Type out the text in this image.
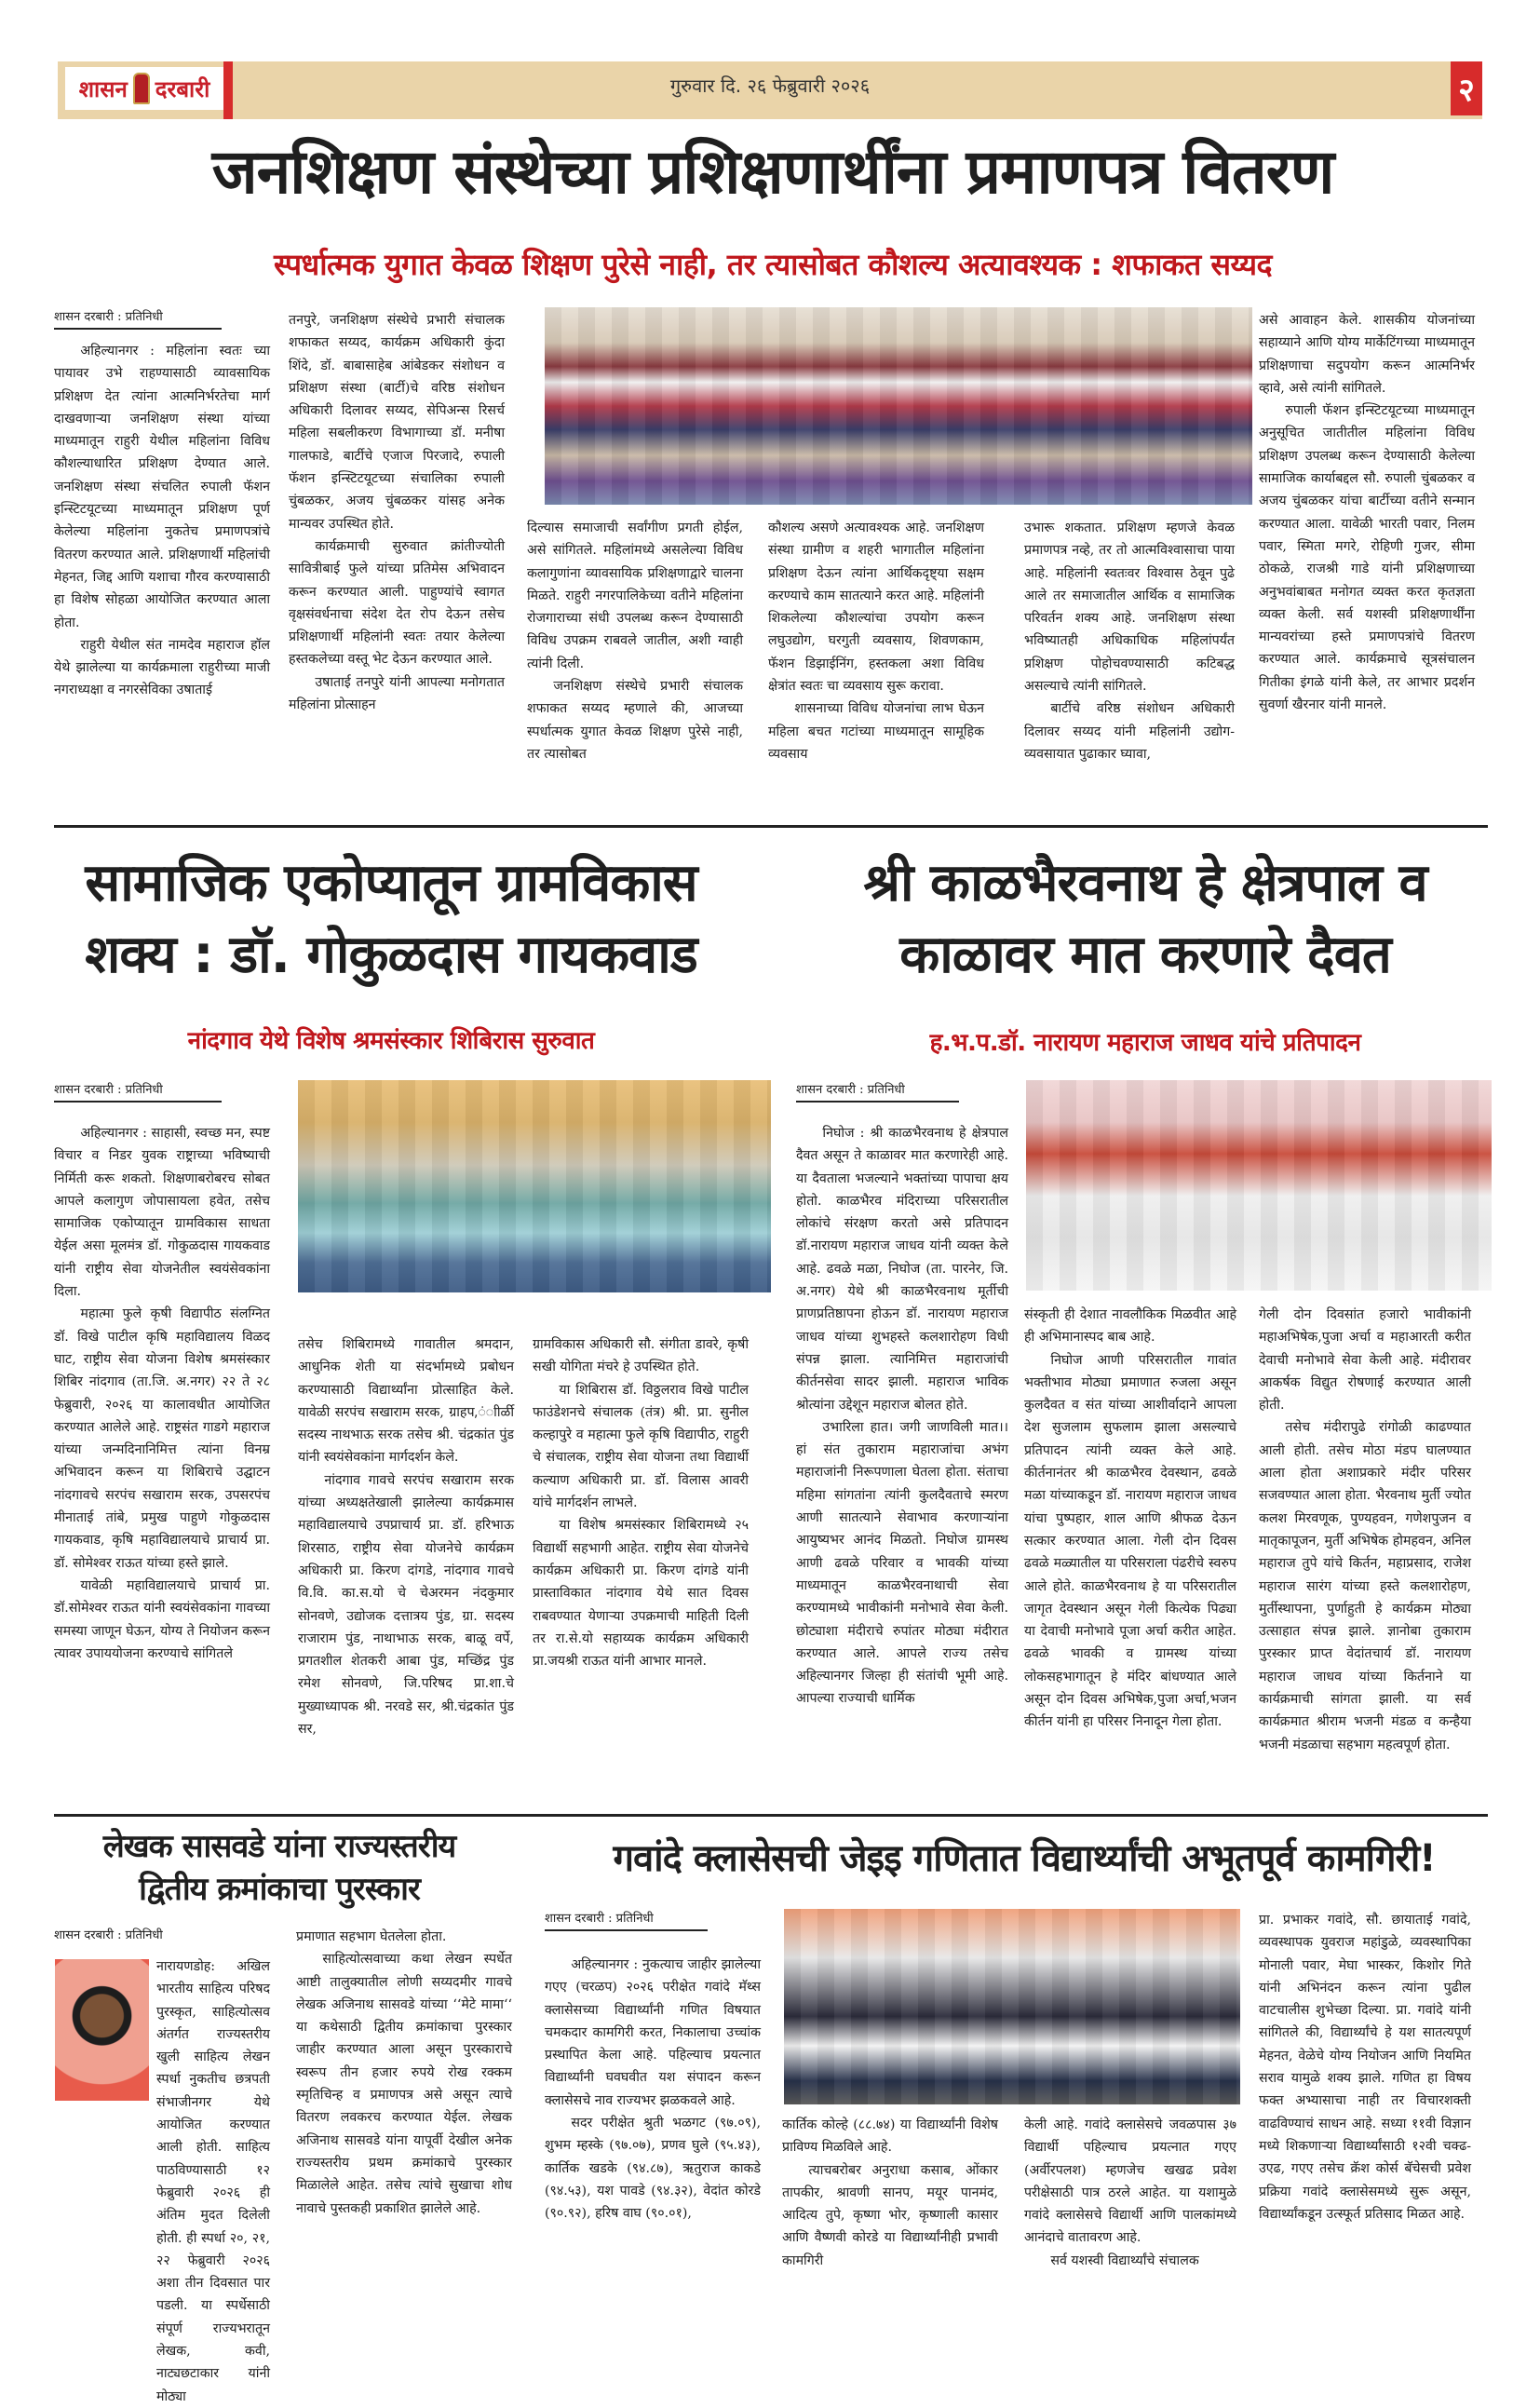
शासन दरबारी	गुरुवार दि. २६ फेब्रुवारी २०२६	२
जनशिक्षण संस्थेच्या प्रशिक्षणार्थींना प्रमाणपत्र वितरण
स्पर्धात्मक युगात केवळ शिक्षण पुरेसे नाही, तर त्यासोबत कौशल्य अत्यावश्यक : शफाकत सय्यद
शासन दरबारी : प्रतिनिधी

अहिल्यानगर : महिलांना स्वतः च्या पायावर उभे राहण्यासाठी व्यावसायिक प्रशिक्षण देत त्यांना आत्मनिर्भरतेचा मार्ग दाखवणाऱ्या जनशिक्षण संस्था यांच्या माध्यमातून राहुरी येथील महिलांना विविध कौशल्याधारित प्रशिक्षण देण्यात आले. जनशिक्षण संस्था संचलित रुपाली फॅशन इन्स्टिटयूटच्या माध्यमातून प्रशिक्षण पूर्ण केलेल्या महिलांना नुकतेच प्रमाणपत्रांचे वितरण करण्यात आले. प्रशिक्षणार्थी महिलांची मेहनत, जिद्द आणि यशाचा गौरव करण्यासाठी हा विशेष सोहळा आयोजित करण्यात आला होता.

राहुरी येथील संत नामदेव महाराज हॉल येथे झालेल्या या कार्यक्रमाला राहुरीच्या माजी नगराध्यक्षा व नगरसेविका उषाताई

तनपुरे, जनशिक्षण संस्थेचे प्रभारी संचालक शफाकत सय्यद, कार्यक्रम अधिकारी कुंदा शिंदे, डॉ. बाबासाहेब आंबेडकर संशोधन व प्रशिक्षण संस्था (बार्टी)चे वरिष्ठ संशोधन अधिकारी दिलावर सय्यद, सेपिअन्स रिसर्च महिला सबलीकरण विभागाच्या डॉ. मनीषा गालफाडे, बार्टीचे एजाज पिरजादे, रुपाली फॅशन इन्स्टिटयूटच्या संचालिका रुपाली चुंबळकर, अजय चुंबळकर यांसह अनेक मान्यवर उपस्थित होते.

कार्यक्रमाची सुरुवात क्रांतीज्योती सावित्रीबाई फुले यांच्या प्रतिमेस अभिवादन करून करण्यात आली. पाहुण्यांचे स्वागत वृक्षसंवर्धनाचा संदेश देत रोप देऊन तसेच प्रशिक्षणार्थी महिलांनी स्वतः तयार केलेल्या हस्तकलेच्या वस्तू भेट देऊन करण्यात आले.

उषाताई तनपुरे यांनी आपल्या मनोगतात महिलांना प्रोत्साहन

दिल्यास समाजाची सर्वांगीण प्रगती होईल, असे सांगितले. महिलांमध्ये असलेल्या विविध कलागुणांना व्यावसायिक प्रशिक्षणाद्वारे चालना मिळते. राहुरी नगरपालिकेच्या वतीने महिलांना रोजगाराच्या संधी उपलब्ध करून देण्यासाठी विविध उपक्रम राबवले जातील, अशी ग्वाही त्यांनी दिली.

जनशिक्षण संस्थेचे प्रभारी संचालक शफाकत सय्यद म्हणाले की, आजच्या स्पर्धात्मक युगात केवळ शिक्षण पुरेसे नाही, तर त्यासोबत

कौशल्य असणे अत्यावश्यक आहे. जनशिक्षण संस्था ग्रामीण व शहरी भागातील महिलांना प्रशिक्षण देऊन त्यांना आर्थिकदृष्ट्या सक्षम करण्याचे काम सातत्याने करत आहे. महिलांनी शिकलेल्या कौशल्यांचा उपयोग करून लघुउद्योग, घरगुती व्यवसाय, शिवणकाम, फॅशन डिझाईनिंग, हस्तकला अशा विविध क्षेत्रांत स्वतः चा व्यवसाय सुरू करावा.

शासनाच्या विविध योजनांचा लाभ घेऊन महिला बचत गटांच्या माध्यमातून सामूहिक व्यवसाय

उभारू शकतात. प्रशिक्षण म्हणजे केवळ प्रमाणपत्र नव्हे, तर तो आत्मविश्वासाचा पाया आहे. महिलांनी स्वतःवर विश्वास ठेवून पुढे आले तर समाजातील आर्थिक व सामाजिक परिवर्तन शक्य आहे. जनशिक्षण संस्था भविष्यातही अधिकाधिक महिलांपर्यंत प्रशिक्षण पोहोचवण्यासाठी कटिबद्ध असल्याचे त्यांनी सांगितले.

बार्टीचे वरिष्ठ संशोधन अधिकारी दिलावर सय्यद यांनी महिलांनी उद्योग-व्यवसायात पुढाकार घ्यावा,

असे आवाहन केले. शासकीय योजनांच्या सहाय्याने आणि योग्य मार्केटिंगच्या माध्यमातून प्रशिक्षणाचा सदुपयोग करून आत्मनिर्भर व्हावे, असे त्यांनी सांगितले.

रुपाली फॅशन इन्स्टिटयूटच्या माध्यमातून अनुसूचित जातीतील महिलांना विविध प्रशिक्षण उपलब्ध करून देण्यासाठी केलेल्या सामाजिक कार्याबद्दल सौ. रुपाली चुंबळकर व अजय चुंबळकर यांचा बार्टीच्या वतीने सन्मान करण्यात आला. यावेळी भारती पवार, निलम पवार, स्मिता मगरे, रोहिणी गुजर, सीमा ठोकळे, राजश्री गाडे यांनी प्रशिक्षणाच्या अनुभवांबाबत मनोगत व्यक्त करत कृतज्ञता व्यक्त केली. सर्व यशस्वी प्रशिक्षणार्थींना मान्यवरांच्या हस्ते प्रमाणपत्रांचे वितरण करण्यात आले. कार्यक्रमाचे सूत्रसंचालन गितीका इंगळे यांनी केले, तर आभार प्रदर्शन सुवर्णा खैरनार यांनी मानले.

सामाजिक एकोप्यातून ग्रामविकास
शक्य : डॉ. गोकुळदास गायकवाड
नांदगाव येथे विशेष श्रमसंस्कार शिबिरास सुरुवात
शासन दरबारी : प्रतिनिधी

अहिल्यानगर : साहासी, स्वच्छ मन, स्पष्ट विचार व निडर युवक राष्ट्राच्या भविष्याची निर्मिती करू शकतो. शिक्षणाबरोबरच सोबत आपले कलागुण जोपासायला हवेत, तसेच सामाजिक एकोप्यातून ग्रामविकास साधता येईल असा मूलमंत्र डॉ. गोकुळदास गायकवाड यांनी राष्ट्रीय सेवा योजनेतील स्वयंसेवकांना दिला.

महात्मा फुले कृषी विद्यापीठ संलग्नित डॉ. विखे पाटील कृषि महाविद्यालय विळद घाट, राष्ट्रीय सेवा योजना विशेष श्रमसंस्कार शिबिर नांदगाव (ता.जि. अ.नगर) २२ ते २८ फेब्रुवारी, २०२६ या कालावधीत आयोजित करण्यात आलेले आहे. राष्ट्रसंत गाडगे महाराज यांच्या जन्मदिनानिमित्त त्यांना विनम्र अभिवादन करून या शिबिराचे उद्घाटन नांदगावचे सरपंच सखाराम सरक, उपसरपंच मीनाताई तांबे, प्रमुख पाहुणे गोकुळदास गायकवाड, कृषि महाविद्यालयाचे प्राचार्य प्रा. डॉ. सोमेश्वर राऊत यांच्या हस्ते झाले.

यावेळी महाविद्यालयाचे प्राचार्य प्रा. डॉ.सोमेश्वर राऊत यांनी स्वयंसेवकांना गावच्या समस्या जाणून घेऊन, योग्य ते नियोजन करून त्यावर उपाययोजना करण्याचे सांगितले

तसेच शिबिरामध्ये गावातील श्रमदान, आधुनिक शेती या संदर्भामध्ये प्रबोधन करण्यासाठी विद्यार्थ्यांना प्रोत्साहित केले. यावेळी सरपंच सखाराम सरक, ग्राहप,ंाीर्ळी सदस्य नाथभाऊ सरक तसेच श्री. चंद्रकांत पुंड यांनी स्वयंसेवकांना मार्गदर्शन केले.

नांदगाव गावचे सरपंच सखाराम सरक यांच्या अध्यक्षतेखाली झालेल्या कार्यक्रमास महाविद्यालयाचे उपप्राचार्य प्रा. डॉ. हरिभाऊ शिरसाठ, राष्ट्रीय सेवा योजनेचे कार्यक्रम अधिकारी प्रा. किरण दांगडे, नांदगाव गावचे वि.वि. का.स.यो चे चेअरमन नंदकुमार सोनवणे, उद्योजक दत्तात्रय पुंड, ग्रा. सदस्य राजाराम पुंड, नाथाभाऊ सरक, बाळू वर्पे, प्रगतशील शेतकरी आबा पुंड, मच्छिंद्र पुंड रमेश सोनवणे, जि.परिषद प्रा.शा.चे मुख्याध्यापक श्री. नरवडे सर, श्री.चंद्रकांत पुंड सर,

ग्रामविकास अधिकारी सौ. संगीता डावरे, कृषी सखी योगिता मंचरे हे उपस्थित होते.

या शिबिरास डॉ. विठ्ठलराव विखे पाटील फाउंडेशनचे संचालक (तंत्र) श्री. प्रा. सुनील कल्हापुरे व महात्मा फुले कृषि विद्यापीठ, राहुरी चे संचालक, राष्ट्रीय सेवा योजना तथा विद्यार्थी कल्याण अधिकारी प्रा. डॉ. विलास आवरी यांचे मार्गदर्शन लाभले.

या विशेष श्रमसंस्कार शिबिरामध्ये २५ विद्यार्थी सहभागी आहेत. राष्ट्रीय सेवा योजनेचे कार्यक्रम अधिकारी प्रा. किरण दांगडे यांनी प्रास्ताविकात नांदगाव येथे सात दिवस राबवण्यात येणाऱ्या उपक्रमाची माहिती दिली तर रा.से.यो सहाय्यक कार्यक्रम अधिकारी प्रा.जयश्री राऊत यांनी आभार मानले.

श्री काळभैरवनाथ हे क्षेत्रपाल व
काळावर मात करणारे दैवत
ह.भ.प.डॉ. नारायण महाराज जाधव यांचे प्रतिपादन
शासन दरबारी : प्रतिनिधी

निघोज : श्री काळभैरवनाथ हे क्षेत्रपाल दैवत असून ते काळावर मात करणारेही आहे. या दैवताला भजल्याने भक्तांच्या पापाचा क्षय होतो. काळभैरव मंदिराच्या परिसरातील लोकांचे संरक्षण करतो असे प्रतिपादन डॉ.नारायण महाराज जाधव यांनी व्यक्त केले आहे. ढवळे मळा, निघोज (ता. पारनेर, जि. अ.नगर) येथे श्री काळभैरवनाथ मूर्तीची प्राणप्रतिष्ठापना होऊन डॉ. नारायण महाराज जाधव यांच्या शुभहस्ते कलशारोहण विधी संपन्न झाला. त्यानिमित्त महाराजांची कीर्तनसेवा सादर झाली. महाराज भाविक श्रोत्यांना उद्देशून महाराज बोलत होते.

उभारिला हात। जगी जाणविली मात।। हां संत तुकाराम महाराजांचा अभंग महाराजांनी निरूपणाला घेतला होता. संताचा महिमा सांगतांना त्यांनी कुलदैवताचे स्मरण आणी सातत्याने सेवाभाव करणाऱ्यांना आयुष्यभर आनंद मिळतो. निघोज ग्रामस्थ आणी ढवळे परिवार व भावकी यांच्या माध्यमातून काळभैरवनाथाची सेवा करण्यामध्ये भावीकांनी मनोभावे सेवा केली. छोट्याशा मंदीराचे रुपांतर मोठ्या मंदीरात करण्यात आले. आपले राज्य तसेच अहिल्यानगर जिल्हा ही संतांची भूमी आहे. आपल्या राज्याची धार्मिक

संस्कृती ही देशात नावलौकिक मिळवीत आहे ही अभिमानास्पद बाब आहे.

निघोज आणी परिसरातील गावांत भक्तीभाव मोठ्या प्रमाणात रुजला असून कुलदैवत व संत यांच्या आशीर्वादाने आपला देश सुजलाम सुफलाम झाला असल्याचे प्रतिपादन त्यांनी व्यक्त केले आहे. कीर्तनानंतर श्री काळभैरव देवस्थान, ढवळे मळा यांच्याकडून डॉ. नारायण महाराज जाधव यांचा पुष्पहार, शाल आणि श्रीफळ देऊन सत्कार करण्यात आला. गेली दोन दिवस ढवळे मळ्यातील या परिसराला पंढरीचे स्वरुप आले होते. काळभैरवनाथ हे या परिसरातील जागृत देवस्थान असून गेली कित्येक पिढ्या या देवाची मनोभावे पूजा अर्चा करीत आहेत. ढवळे भावकी व ग्रामस्थ यांच्या लोकसहभागातून हे मंदिर बांधण्यात आले असून दोन दिवस अभिषेक,पुजा अर्चा,भजन कीर्तन यांनी हा परिसर निनादून गेला होता.

गेली दोन दिवसांत हजारो भावीकांनी महाअभिषेक,पुजा अर्चा व महाआरती करीत देवाची मनोभावे सेवा केली आहे. मंदीरावर आकर्षक विद्युत रोषणाई करण्यात आली होती.

तसेच मंदीरापुढे रांगोळी काढण्यात आली होती. तसेच मोठा मंडप घालण्यात आला होता अशाप्रकारे मंदीर परिसर सजवण्यात आला होता. भैरवनाथ मुर्ती ज्योत कलश मिरवणूक, पुण्यहवन, गणेशपुजन व मातृकापूजन, मुर्ती अभिषेक होमहवन, अनिल महाराज तुपे यांचे किर्तन, महाप्रसाद, राजेश महाराज सारंग यांच्या हस्ते कलशारोहण, मुर्तीस्थापना, पुर्णाहुती हे कार्यक्रम मोठ्या उत्साहात संपन्न झाले. ज्ञानोबा तुकाराम पुरस्कार प्राप्त वेदांतचार्य डॉ. नारायण महाराज जाधव यांच्या किर्तनाने या कार्यक्रमाची सांगता झाली. या सर्व कार्यक्रमात श्रीराम भजनी मंडळ व कन्हैया भजनी मंडळाचा सहभाग महत्वपूर्ण होता.

लेखक सासवडे यांना राज्यस्तरीय
द्वितीय क्रमांकाचा पुरस्कार
शासन दरबारी : प्रतिनिधी

नारायणडोह: अखिल भारतीय साहित्य परिषद पुरस्कृत, साहित्योत्सव अंतर्गत राज्यस्तरीय खुली साहित्य लेखन स्पर्धा नुकतीच छत्रपती संभाजीनगर येथे आयोजित करण्यात आली होती. साहित्य पाठविण्यासाठी १२ फेब्रुवारी २०२६ ही अंतिम मुदत दिलेली होती. ही स्पर्धा २०, २१, २२ फेब्रुवारी २०२६ अशा तीन दिवसात पार पडली. या स्पर्धेसाठी संपूर्ण राज्यभरातून लेखक, कवी, नाट्यछटाकार यांनी मोठ्या

प्रमाणात सहभाग घेतलेला होता.

साहित्योत्सवाच्या कथा लेखन स्पर्धेत आष्टी तालुक्यातील लोणी सय्यदमीर गावचे लेखक अजिनाथ सासवडे यांच्या ‘‘मेटे मामा‘‘ या कथेसाठी द्वितीय क्रमांकाचा पुरस्कार जाहीर करण्यात आला असून पुरस्काराचे स्वरूप तीन हजार रुपये रोख रक्कम स्मृतिचिन्ह व प्रमाणपत्र असे असून त्याचे वितरण लवकरच करण्यात येईल. लेखक अजिनाथ सासवडे यांना यापूर्वी देखील अनेक राज्यस्तरीय प्रथम क्रमांकाचे पुरस्कार मिळालेले आहेत. तसेच त्यांचे सुखाचा शोध नावाचे पुस्तकही प्रकाशित झालेले आहे.

गवांदे क्लासेसची जेइइ गणितात विद्यार्थ्यांची अभूतपूर्व कामगिरी!
शासन दरबारी : प्रतिनिधी

अहिल्यानगर : नुकत्याच जाहीर झालेल्या गएए (चरळप) २०२६ परीक्षेत गवांदे मॅथ्स क्लासेसच्या विद्यार्थ्यांनी गणित विषयात चमकदार कामगिरी करत, निकालाचा उच्चांक प्रस्थापित केला आहे. पहिल्याच प्रयत्नात विद्यार्थ्यांनी घवघवीत यश संपादन करून क्लासेसचे नाव राज्यभर झळकवले आहे.

सदर परीक्षेत श्रुती भळगट (९७.०९), शुभम म्हस्के (९७.०७), प्रणव घुले (९५.४३), कार्तिक खडके (९४.८७), ऋतुराज काकडे (९४.५३), यश पावडे (९४.३२), वेदांत कोरडे (९०.९२), हरिष वाघ (९०.०१),

कार्तिक कोल्हे (८८.७४) या विद्यार्थ्यांनी विशेष प्राविण्य मिळविले आहे.

त्याचबरोबर अनुराधा कसाब, ओंकार तापकीर, श्रावणी सानप, मयूर पानमंद, आदित्य तुपे, कृष्णा भोर, कृष्णाली कासार आणि वैष्णवी कोरडे या विद्यार्थ्यांनीही प्रभावी कामगिरी

केली आहे. गवांदे क्लासेसचे जवळपास ३७ विद्यार्थी पहिल्याच प्रयत्नात गएए (अर्वीरपलश) म्हणजेच खखढ प्रवेश परीक्षेसाठी पात्र ठरले आहेत. या यशामुळे गवांदे क्लासेसचे विद्यार्थी आणि पालकांमध्ये आनंदाचे वातावरण आहे.

सर्व यशस्वी विद्यार्थ्यांचे संचालक

प्रा. प्रभाकर गवांदे, सौ. छायाताई गवांदे, व्यवस्थापक युवराज महांडुळे, व्यवस्थापिका मोनाली पवार, मेघा भास्कर, किशोर गिते यांनी अभिनंदन करून त्यांना पुढील वाटचालीस शुभेच्छा दिल्या. प्रा. गवांदे यांनी सांगितले की, विद्यार्थ्यांचे हे यश सातत्यपूर्ण मेहनत, वेळेचे योग्य नियोजन आणि नियमित सराव यामुळे शक्य झाले. गणित हा विषय फक्त अभ्यासाचा नाही तर विचारशक्ती वाढविण्याचं साधन आहे. सध्या ११वी विज्ञान मध्ये शिकणाऱ्या विद्यार्थ्यांसाठी १२वी चक्ढ-उएढ, गएए तसेच क्रॅश कोर्स बॅचेसची प्रवेश प्रक्रिया गवांदे क्लासेसमध्ये सुरू असून, विद्यार्थ्यांकडून उत्स्फूर्त प्रतिसाद मिळत आहे.
